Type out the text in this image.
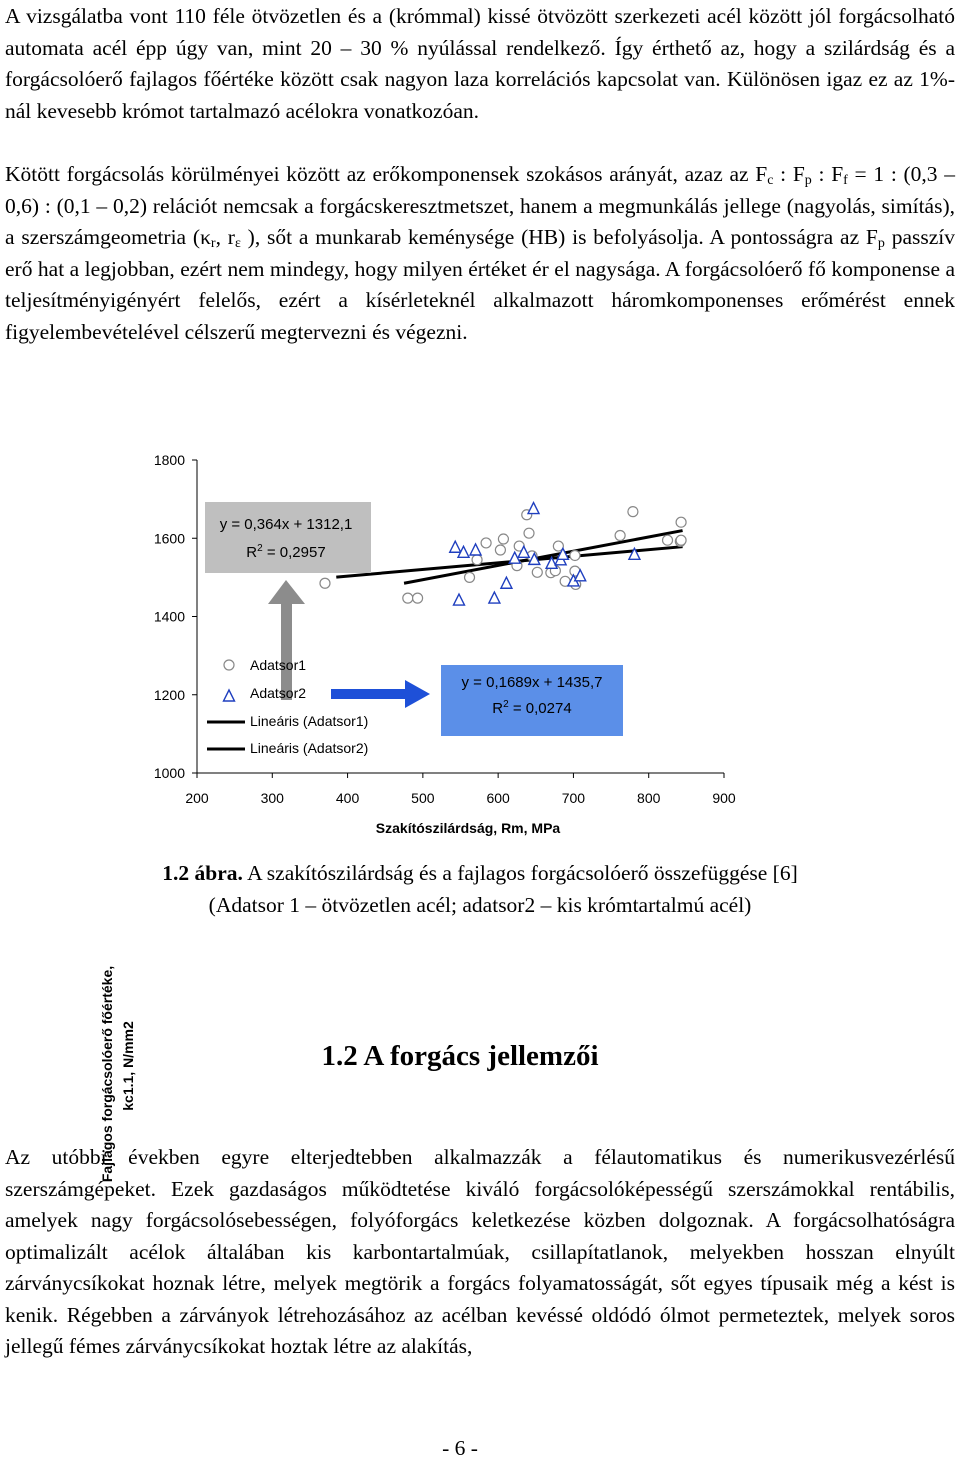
A vizsgálatba vont 110 féle ötvözetlen és a (krómmal) kissé ötvözött szerkezeti acél között jól forgácsolható automata acél épp úgy van, mint 20 – 30 % nyúlással rendelkező. Így érthető az, hogy a szilárdság és a forgácsolóerő fajlagos főértéke között csak nagyon laza korrelációs kapcsolat van. Különösen igaz ez az 1%-nál kevesebb krómot tartalmazó acélokra vonatkozóan.

Kötött forgácsolás körülményei között az erőkomponensek szokásos arányát, azaz az $F_c$ : $F_p$ : $F_f = 1$ : (0,3 – 0,6) : (0,1 – 0,2) relációt nemcsak a forgácskeresztmetszet, hanem a megmunkálás jellege (nagyolás, simítás), a szerszámgeometria ($\kappa_r$, $r_\varepsilon$ ), sőt a munkarab keménysége (HB) is befolyásolja. A pontosságra az $F_p$ passzív erő hat a legjobban, ezért nem mindegy, hogy milyen értéket ér el nagysága. A forgácsolóerő fő komponense a teljesítményigényért felelős, ezért a kísérleteknél alkalmazott háromkomponenses erőmérést ennek figyelembevételével célszerű megtervezni és végezni.

1000
1200
1400
1600
1800
200	300	400	500	600	700	800	900
y = 0,364x + 1312,1
$R^2 = 0,2957$
y = 0,1689x + 1435,7
$R^2 = 0,0274$
Adatsor1
Adatsor2
Lineáris (Adatsor1)
Lineáris (Adatsor2)
Fajlagos forgácsolóerő főértéke, kc1.1, N/mm2
Szakítószilárdság, Rm, MPa
1.2 ábra. A szakítószilárdság és a fajlagos forgácsolóerő összefüggése [6]
(Adatsor 1 – ötvözetlen acél; adatsor2 – kis krómtartalmú acél)
1.2 A forgács jellemzői

Az utóbbi években egyre elterjedtebben alkalmazzák a félautomatikus és numerikusvezérlésű szerszámgépeket. Ezek gazdaságos működtetése kiváló forgácsolóképességű szerszámokkal rentábilis, amelyek nagy forgácsolósebességen, folyóforgács keletkezése közben dolgoznak. A forgácsolhatóságra optimalizált acélok általában kis karbontartalmúak, csillapítatlanok, melyekben hosszan elnyúlt zárványcsíkokat hoznak létre, melyek megtörik a forgács folyamatosságát, sőt egyes típusaik még a kést is kenik. Régebben a zárványok létrehozásához az acélban kevéssé oldódó ólmot permeteztek, melyek soros jellegű fémes zárványcsíkokat hoztak létre az alakítás,

- 6 -
